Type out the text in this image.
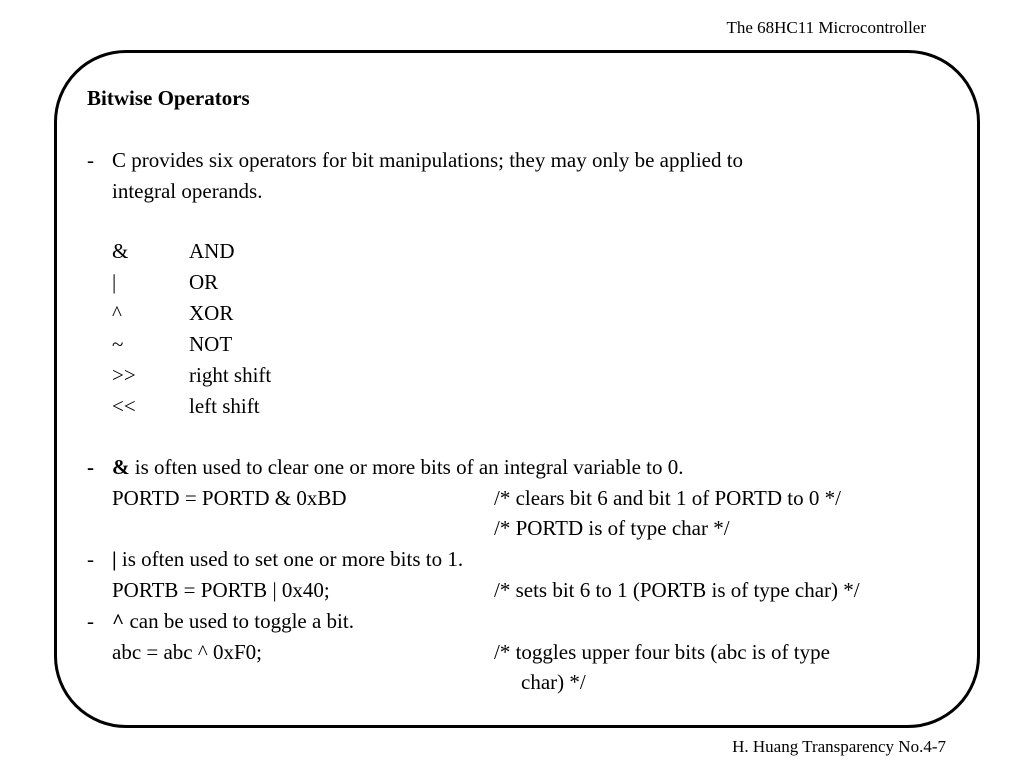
The 68HC11 Microcontroller
Bitwise Operators
- C provides six operators for bit manipulations; they may only be applied to
integral operands.
&	AND
|	OR
^	XOR
~	NOT
>>	right shift
<<	left shift
- & is often used to clear one or more bits of an integral variable to 0.
PORTD = PORTD & 0xBD	/* clears bit 6 and bit 1 of PORTD to 0 */
/* PORTD is of type char */
- | is often used to set one or more bits to 1.
PORTB = PORTB | 0x40;	/* sets bit 6 to 1 (PORTB is of type char) */
- ^ can be used to toggle a bit.
abc = abc ^ 0xF0;	/* toggles upper four bits (abc is of type
char) */
H. Huang Transparency No.4-7
